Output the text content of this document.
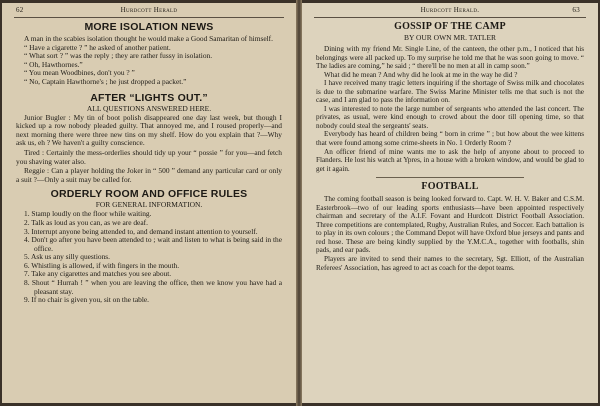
62	Hurdcott Herald
MORE ISOLATION NEWS

A man in the scabies isolation thought he would make a Good Samaritan of himself.

“ Have a cigarette ? ” he asked of another patient.

“ What sort ? ” was the reply ; they are rather fussy in isolation.

“ Oh, Hawthornes.”

“ You mean Woodbines, don't you ? ”

“ No, Captain Hawthorne's ; he just dropped a packet.”

AFTER “LIGHTS OUT.”
ALL QUESTIONS ANSWERED HERE.

Junior Bugler : My tin of boot polish disappeared one day last week, but though I kicked up a row nobody pleaded guilty. That annoyed me, and I roused properly—and next morning there were three new tins on my shelf. How do you explain that ?—Why ask us, eh ? We haven't a guilty conscience.

Tired : Certainly the mess-orderlies should tidy up your “ possie ” for you—and fetch you shaving water also.

Reggie : Can a player holding the Joker in “ 500 ” demand any particular card or only a suit ?—Only a suit may be called for.

ORDERLY ROOM AND OFFICE RULES
FOR GENERAL INFORMATION.

1. Stamp loudly on the floor while waiting.

2. Talk as loud as you can, as we are deaf.

3. Interrupt anyone being attended to, and demand instant attention to yourself.

4. Don't go after you have been attended to ; wait and listen to what is being said in the office.

5. Ask us any silly questions.

6. Whistling is allowed, if with fingers in the mouth.

7. Take any cigarettes and matches you see about.

8. Shout “ Hurrah ! ” when you are leaving the office, then we know you have had a pleasant stay.

9. If no chair is given you, sit on the table.

Hurdcott Herald.	63
GOSSIP OF THE CAMP
BY OUR OWN MR. TATLER

Dining with my friend Mr. Single Line, of the canteen, the other p.m., I noticed that his belongings were all packed up. To my surprise he told me that he was soon going to move. “ The ladies are coming,” he said ; “ there'll be no men at all in camp soon.”

What did he mean ? And why did he look at me in the way he did ?

I have received many tragic letters inquiring if the shortage of Swiss milk and chocolates is due to the submarine warfare. The Swiss Marine Minister tells me that such is not the case, and I am glad to pass the information on.

I was interested to note the large number of sergeants who attended the last concert. The privates, as usual, were kind enough to crowd about the door till opening time, so that nobody could steal the sergeants' seats.

Everybody has heard of children being “ born in crime ” ; but how about the wee kittens that were found among some crime-sheets in No. 1 Orderly Room ?

An officer friend of mine wants me to ask the help of anyone about to proceed to Flanders. He lost his watch at Ypres, in a house with a broken window, and would be glad to get it again.

FOOTBALL

The coming football season is being looked forward to. Capt. W. H. V. Baker and C.S.M. Easterbrook—two of our leading sports enthusiasts—have been appointed respectively chairman and secretary of the A.I.F. Fovant and Hurdcott District Football Association. Three competitions are contemplated, Rugby, Australian Rules, and Soccer. Each battalion is to play in its own colours ; the Command Depot will have Oxford blue jerseys and pants and red hose. These are being kindly supplied by the Y.M.C.A., together with footballs, shin pads, and ear pads.

Players are invited to send their names to the secretary, Sgt. Elliott, of the Australian Referees' Association, has agreed to act as coach for the depot teams.
